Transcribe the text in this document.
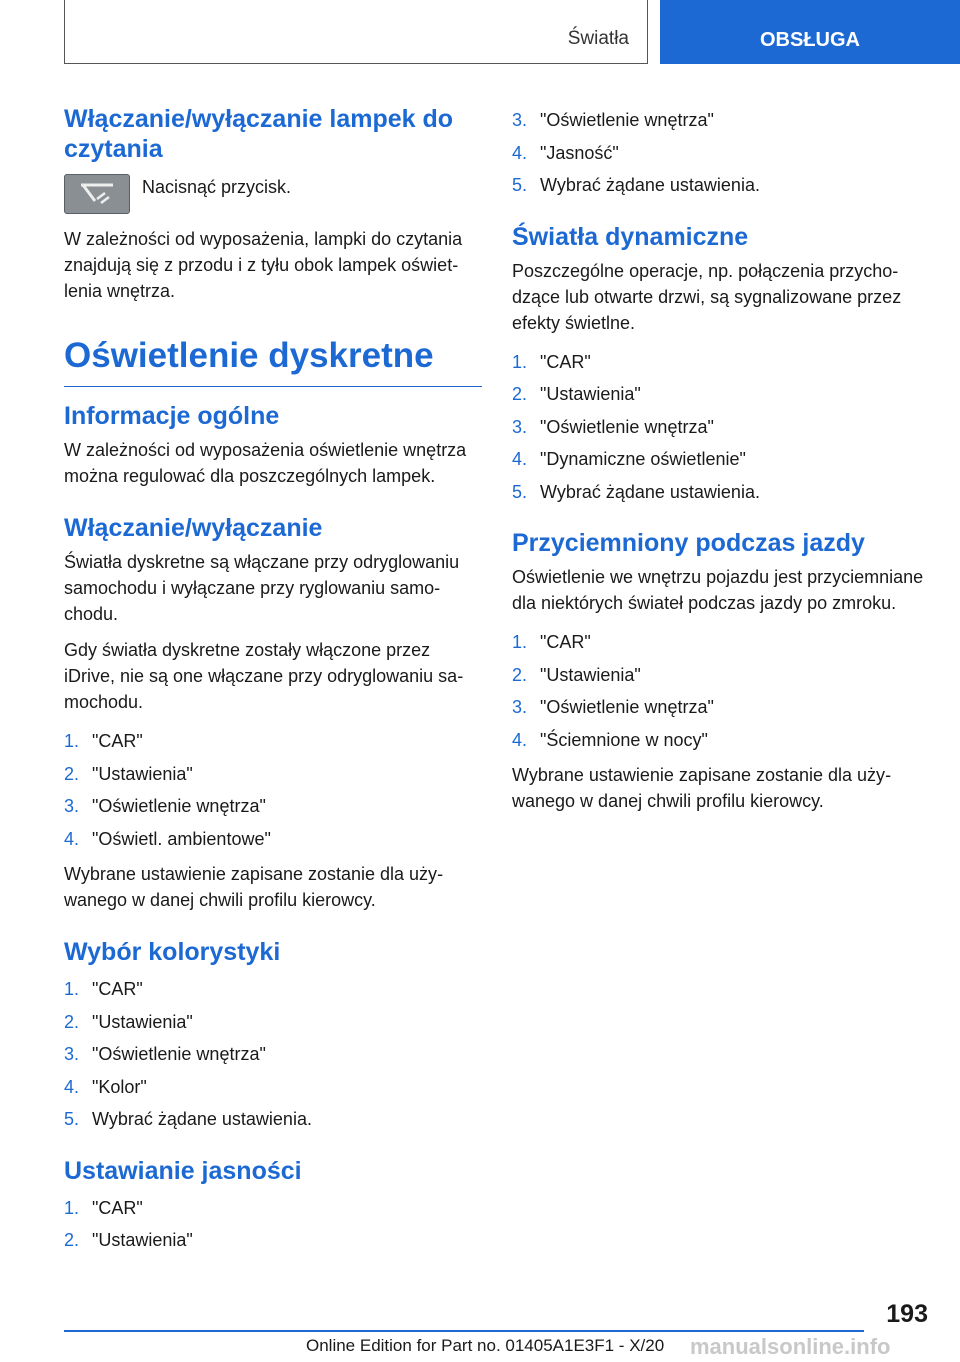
Światła	OBSŁUGA
Włączanie/wyłączanie lampek do czytania
Nacisnąć przycisk.

W zależności od wyposażenia, lampki do czytania znajdują się z przodu i z tyłu obok lampek oświetlenia wnętrza.

Oświetlenie dyskretne
Informacje ogólne

W zależności od wyposażenia oświetlenie wnętrza można regulować dla poszczególnych lampek.

Włączanie/wyłączanie

Światła dyskretne są włączane przy odryglowaniu samochodu i wyłączane przy ryglowaniu samochodu.

Gdy światła dyskretne zostały włączone przez iDrive, nie są one włączane przy odryglowaniu samochodu.

1. "CAR"
2. "Ustawienia"
3. "Oświetlenie wnętrza"
4. "Oświetl. ambientowe"

Wybrane ustawienie zapisane zostanie dla używanego w danej chwili profilu kierowcy.

Wybór kolorystyki
1. "CAR"
2. "Ustawienia"
3. "Oświetlenie wnętrza"
4. "Kolor"
5. Wybrać żądane ustawienia.
Ustawianie jasności
1. "CAR"
2. "Ustawienia"
3. "Oświetlenie wnętrza"
4. "Jasność"
5. Wybrać żądane ustawienia.
Światła dynamiczne

Poszczególne operacje, np. połączenia przychodzące lub otwarte drzwi, są sygnalizowane przez efekty świetlne.

1. "CAR"
2. "Ustawienia"
3. "Oświetlenie wnętrza"
4. "Dynamiczne oświetlenie"
5. Wybrać żądane ustawienia.
Przyciemniony podczas jazdy

Oświetlenie we wnętrzu pojazdu jest przyciemniane dla niektórych świateł podczas jazdy po zmroku.

1. "CAR"
2. "Ustawienia"
3. "Oświetlenie wnętrza"
4. "Ściemnione w nocy"

Wybrane ustawienie zapisane zostanie dla używanego w danej chwili profilu kierowcy.

193
Online Edition for Part no. 01405A1E3F1 - X/20 manualsonline.info
